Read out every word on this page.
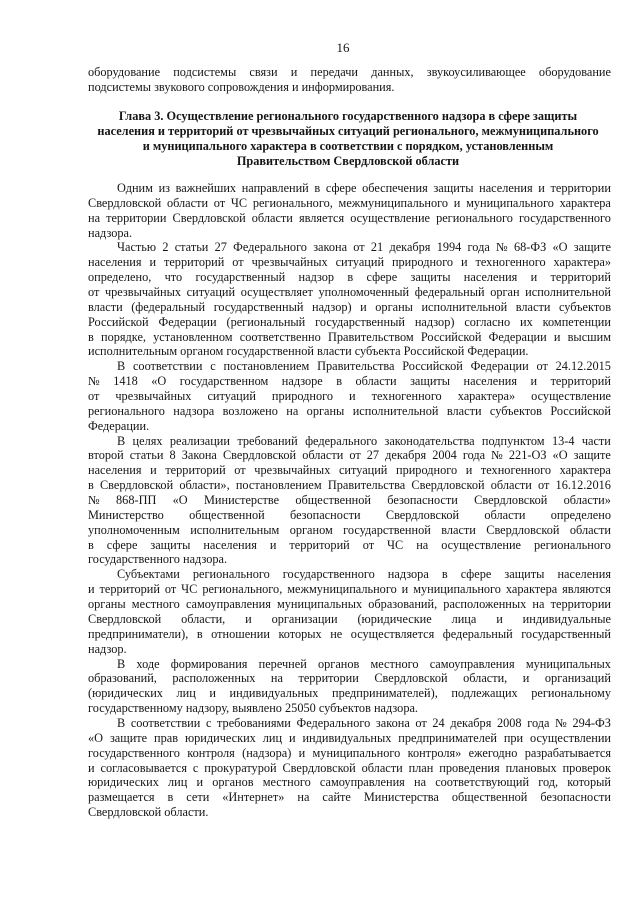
16
оборудование подсистемы связи и передачи данных, звукоусиливающее оборудование
подсистемы звукового сопровождения и информирования.
Глава 3. Осуществление регионального государственного надзора в сфере защиты
населения и территорий от чрезвычайных ситуаций регионального, межмуниципального
и муниципального характера в соответствии с порядком, установленным
Правительством Свердловской области
Одним из важнейших направлений в сфере обеспечения защиты населения и территории
Свердловской области от ЧС регионального, межмуниципального и муниципального характера
на территории Свердловской области является осуществление регионального государственного
надзора.
Частью 2 статьи 27 Федерального закона от 21 декабря 1994 года № 68-ФЗ «О защите
населения и территорий от чрезвычайных ситуаций природного и техногенного характера»
определено, что государственный надзор в сфере защиты населения и территорий
от чрезвычайных ситуаций осуществляет уполномоченный федеральный орган исполнительной
власти (федеральный государственный надзор) и органы исполнительной власти субъектов
Российской Федерации (региональный государственный надзор) согласно их компетенции
в порядке, установленном соответственно Правительством Российской Федерации и высшим
исполнительным органом государственной власти субъекта Российской Федерации.
В соответствии с постановлением Правительства Российской Федерации от 24.12.2015
№ 1418 «О государственном надзоре в области защиты населения и территорий
от чрезвычайных ситуаций природного и техногенного характера» осуществление
регионального надзора возложено на органы исполнительной власти субъектов Российской
Федерации.
В целях реализации требований федерального законодательства подпунктом 13-4 части
второй статьи 8 Закона Свердловской области от 27 декабря 2004 года № 221-ОЗ «О защите
населения и территорий от чрезвычайных ситуаций природного и техногенного характера
в Свердловской области», постановлением Правительства Свердловской области от 16.12.2016
№ 868-ПП «О Министерстве общественной безопасности Свердловской области»
Министерство общественной безопасности Свердловской области определено
уполномоченным исполнительным органом государственной власти Свердловской области
в сфере защиты населения и территорий от ЧС на осуществление регионального
государственного надзора.
Субъектами регионального государственного надзора в сфере защиты населения
и территорий от ЧС регионального, межмуниципального и муниципального характера являются
органы местного самоуправления муниципальных образований, расположенных на территории
Свердловской области, и организации (юридические лица и индивидуальные
предприниматели), в отношении которых не осуществляется федеральный государственный
надзор.
В ходе формирования перечней органов местного самоуправления муниципальных
образований, расположенных на территории Свердловской области, и организаций
(юридических лиц и индивидуальных предпринимателей), подлежащих региональному
государственному надзору, выявлено 25050 субъектов надзора.
В соответствии с требованиями Федерального закона от 24 декабря 2008 года № 294-ФЗ
«О защите прав юридических лиц и индивидуальных предпринимателей при осуществлении
государственного контроля (надзора) и муниципального контроля» ежегодно разрабатывается
и согласовывается с прокуратурой Свердловской области план проведения плановых проверок
юридических лиц и органов местного самоуправления на соответствующий год, который
размещается в сети «Интернет» на сайте Министерства общественной безопасности
Свердловской области.
